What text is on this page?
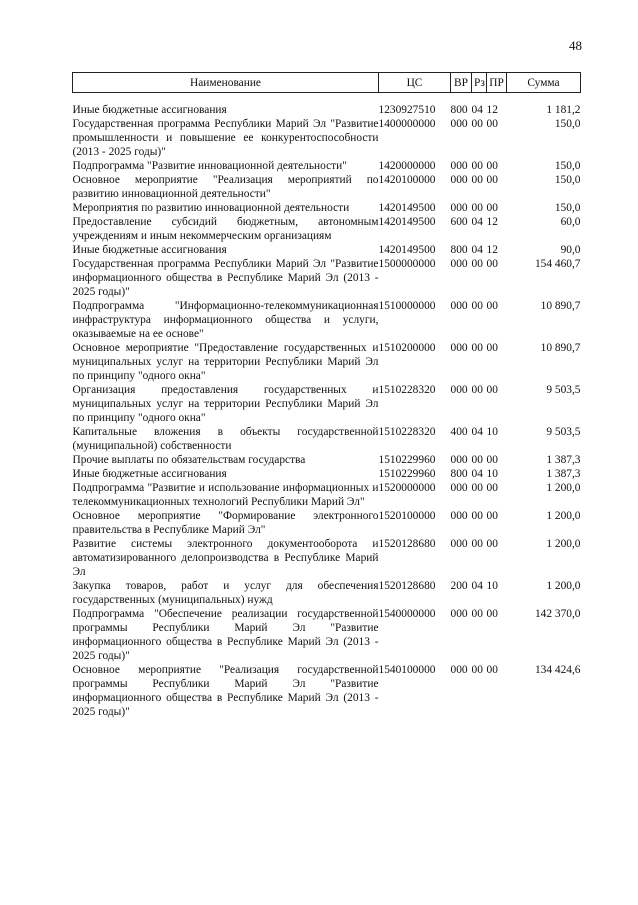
48
Наименование	ЦС	ВР	Рз	ПР	Сумма

Иные бюджетные ассигнования	1230927510	800	04	12	1 181,2
Государственная программа Республики Марий Эл "Развитие промышленности и повышение ее конкурентоспособности (2013 - 2025 годы)"	1400000000	000	00	00	150,0
Подпрограмма "Развитие инновационной деятельности"	1420000000	000	00	00	150,0
Основное мероприятие "Реализация мероприятий по развитию инновационной деятельности"	1420100000	000	00	00	150,0
Мероприятия по развитию инновационной деятельности	1420149500	000	00	00	150,0
Предоставление субсидий бюджетным, автономным учреждениям и иным некоммерческим организациям	1420149500	600	04	12	60,0
Иные бюджетные ассигнования	1420149500	800	04	12	90,0
Государственная программа Республики Марий Эл "Развитие информационного общества в Республике Марий Эл (2013 - 2025 годы)"	1500000000	000	00	00	154 460,7
Подпрограмма "Информационно-телекоммуникационная инфраструктура информационного общества и услуги, оказываемые на ее основе"	1510000000	000	00	00	10 890,7
Основное мероприятие "Предоставление государственных и муниципальных услуг на территории Республики Марий Эл по принципу "одного окна"	1510200000	000	00	00	10 890,7
Организация предоставления государственных и муниципальных услуг на территории Республики Марий Эл по принципу "одного окна"	1510228320	000	00	00	9 503,5
Капитальные вложения в объекты государственной (муниципальной) собственности	1510228320	400	04	10	9 503,5
Прочие выплаты по обязательствам государства	1510229960	000	00	00	1 387,3
Иные бюджетные ассигнования	1510229960	800	04	10	1 387,3
Подпрограмма "Развитие и использование информационных и телекоммуникационных технологий Республики Марий Эл"	1520000000	000	00	00	1 200,0
Основное мероприятие "Формирование электронного правительства в Республике Марий Эл"	1520100000	000	00	00	1 200,0
Развитие системы электронного документооборота и автоматизированного делопроизводства в Республике Марий Эл	1520128680	000	00	00	1 200,0
Закупка товаров, работ и услуг для обеспечения государственных (муниципальных) нужд	1520128680	200	04	10	1 200,0
Подпрограмма "Обеспечение реализации государственной программы Республики Марий Эл "Развитие информационного общества в Республике Марий Эл (2013 - 2025 годы)"	1540000000	000	00	00	142 370,0
Основное мероприятие "Реализация государственной программы Республики Марий Эл "Развитие информационного общества в Республике Марий Эл (2013 - 2025 годы)"	1540100000	000	00	00	134 424,6
